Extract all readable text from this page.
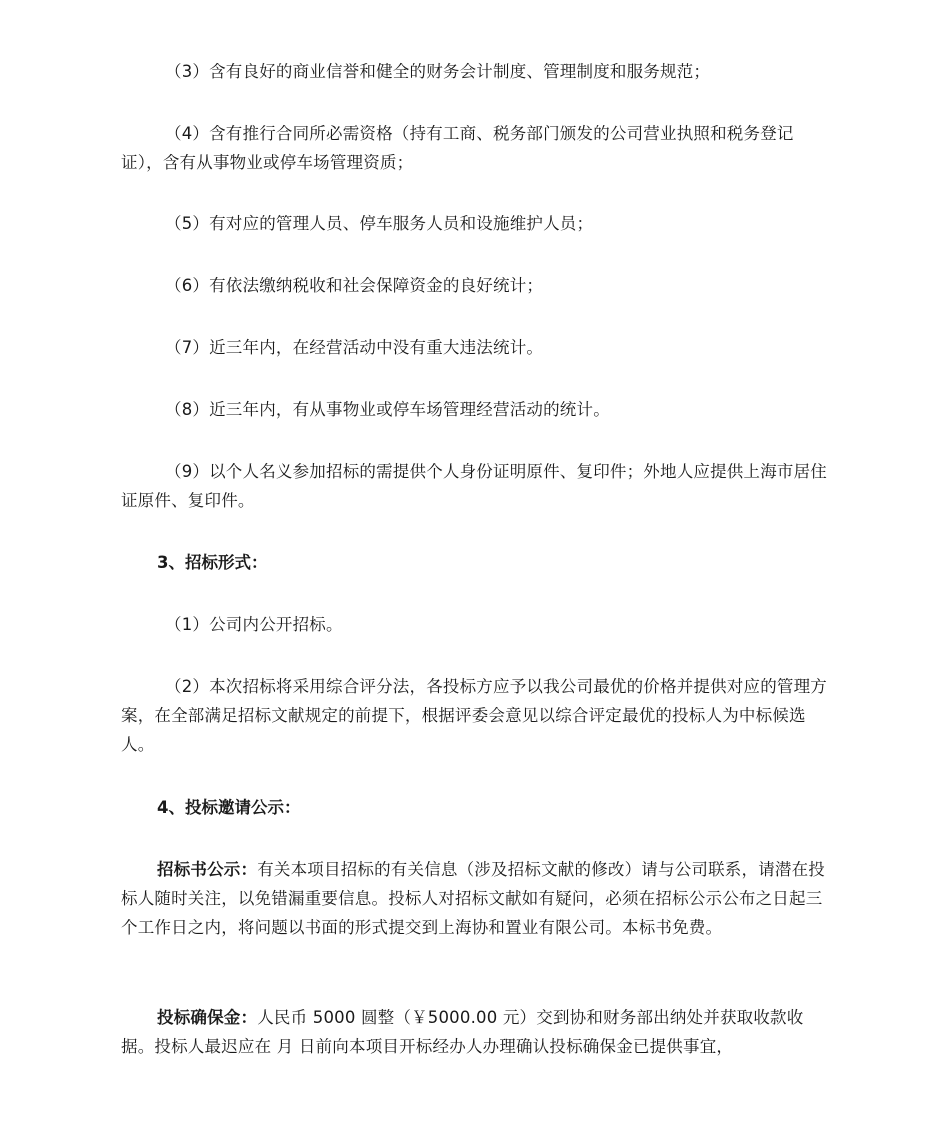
（3）含有良好的商业信誉和健全的财务会计制度、管理制度和服务规范；

（4）含有推行合同所必需资格（持有工商、税务部门颁发的公司营业执照和税务登记证），含有从事物业或停车场管理资质；

（5）有对应的管理人员、停车服务人员和设施维护人员；

（6）有依法缴纳税收和社会保障资金的良好统计；

（7）近三年内，在经营活动中没有重大违法统计。

（8）近三年内，有从事物业或停车场管理经营活动的统计。

（9）以个人名义参加招标的需提供个人身份证明原件、复印件；外地人应提供上海市居住证原件、复印件。

3、招标形式：

（1）公司内公开招标。

（2）本次招标将采用综合评分法，各投标方应予以我公司最优的价格并提供对应的管理方案，在全部满足招标文献规定的前提下，根据评委会意见以综合评定最优的投标人为中标候选人。

4、投标邀请公示：

招标书公示：有关本项目招标的有关信息（涉及招标文献的修改）请与公司联系，请潜在投标人随时关注，以免错漏重要信息。投标人对招标文献如有疑问，必须在招标公示公布之日起三个工作日之内，将问题以书面的形式提交到上海协和置业有限公司。本标书免费。

投标确保金：人民币 5000 圆整（￥5000.00 元）交到协和财务部出纳处并获取收款收据。投标人最迟应在 月 日前向本项目开标经办人办理确认投标确保金已提供事宜，
